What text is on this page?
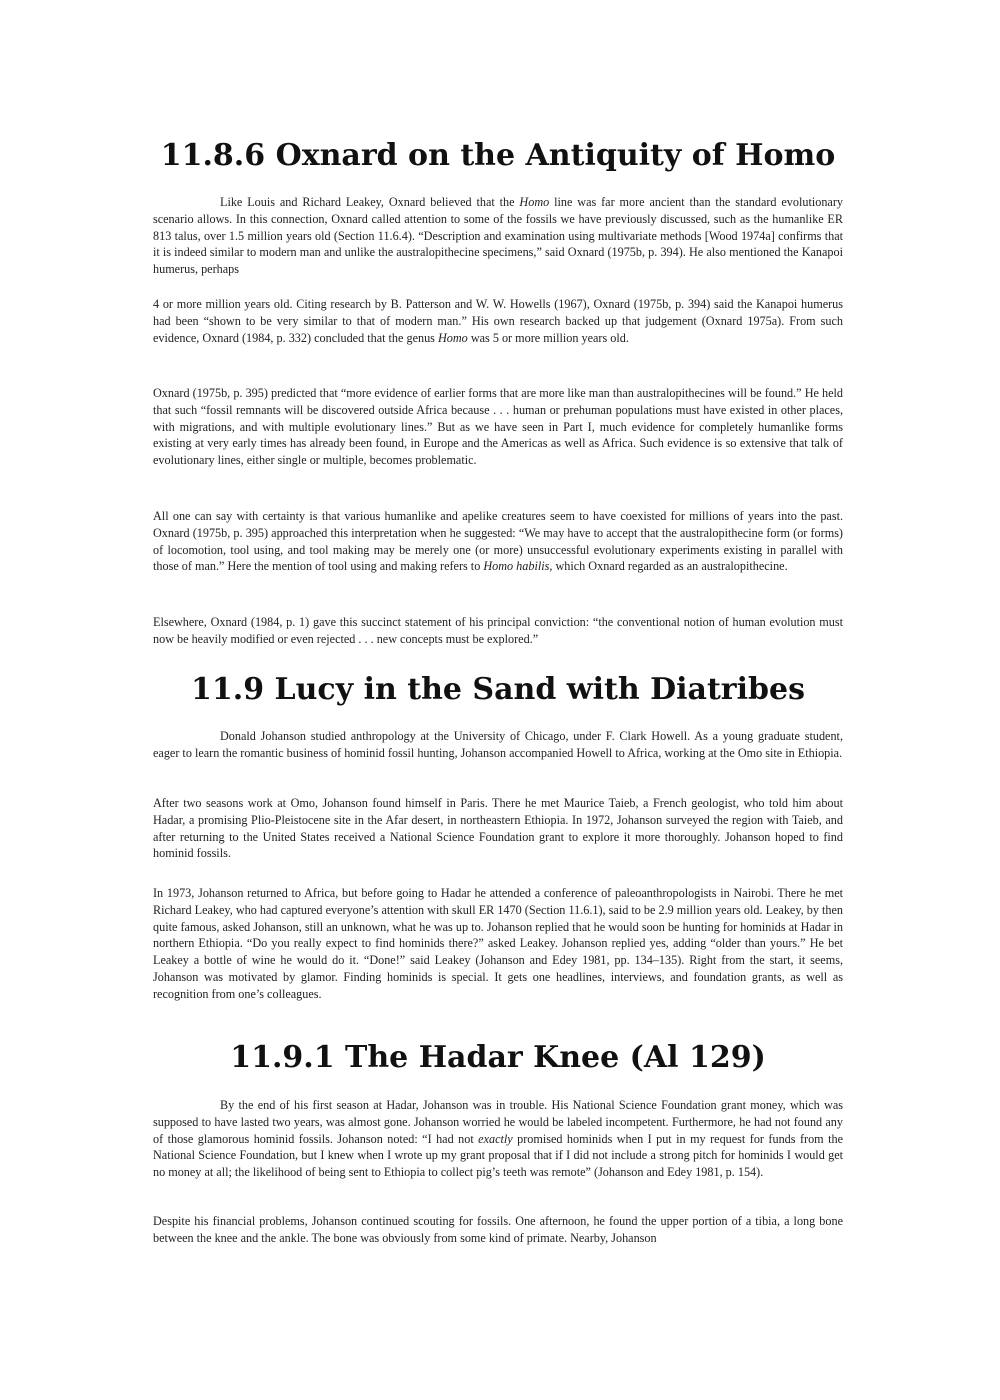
11.8.6 Oxnard on the Antiquity of Homo

Like Louis and Richard Leakey, Oxnard believed that the Homo line was far more ancient than the standard evolutionary scenario allows. In this connection, Oxnard called attention to some of the fossils we have previously discussed, such as the humanlike ER 813 talus, over 1.5 million years old (Section 11.6.4). “Description and examination using multivariate methods [Wood 1974a] confirms that it is indeed similar to modern man and unlike the australopithecine specimens,” said Oxnard (1975b, p. 394). He also mentioned the Kanapoi humerus, perhaps

4 or more million years old. Citing research by B. Patterson and W. W. Howells (1967), Oxnard (1975b, p. 394) said the Kanapoi humerus had been “shown to be very similar to that of modern man.” His own research backed up that judgement (Oxnard 1975a). From such evidence, Oxnard (1984, p. 332) concluded that the genus Homo was 5 or more million years old.

Oxnard (1975b, p. 395) predicted that “more evidence of earlier forms that are more like man than australopithecines will be found.” He held that such “fossil remnants will be discovered outside Africa because . . . human or prehuman populations must have existed in other places, with migrations, and with multiple evolutionary lines.” But as we have seen in Part I, much evidence for completely humanlike forms existing at very early times has already been found, in Europe and the Americas as well as Africa. Such evidence is so extensive that talk of evolutionary lines, either single or multiple, becomes problematic.

All one can say with certainty is that various humanlike and apelike creatures seem to have coexisted for millions of years into the past. Oxnard (1975b, p. 395) approached this interpretation when he suggested: “We may have to accept that the australopithecine form (or forms) of locomotion, tool using, and tool making may be merely one (or more) unsuccessful evolutionary experiments existing in parallel with those of man.” Here the mention of tool using and making refers to Homo habilis, which Oxnard regarded as an australopithecine.

Elsewhere, Oxnard (1984, p. 1) gave this succinct statement of his principal conviction: “the conventional notion of human evolution must now be heavily modified or even rejected . . . new concepts must be explored.”

11.9 Lucy in the Sand with Diatribes

Donald Johanson studied anthropology at the University of Chicago, under F. Clark Howell. As a young graduate student, eager to learn the romantic business of hominid fossil hunting, Johanson accompanied Howell to Africa, working at the Omo site in Ethiopia.

After two seasons work at Omo, Johanson found himself in Paris. There he met Maurice Taieb, a French geologist, who told him about Hadar, a promising Plio-Pleistocene site in the Afar desert, in northeastern Ethiopia. In 1972, Johanson surveyed the region with Taieb, and after returning to the United States received a National Science Foundation grant to explore it more thoroughly. Johanson hoped to find hominid fossils.

In 1973, Johanson returned to Africa, but before going to Hadar he attended a conference of paleoanthropologists in Nairobi. There he met Richard Leakey, who had captured everyone’s attention with skull ER 1470 (Section 11.6.1), said to be 2.9 million years old. Leakey, by then quite famous, asked Johanson, still an unknown, what he was up to. Johanson replied that he would soon be hunting for hominids at Hadar in northern Ethiopia. “Do you really expect to find hominids there?” asked Leakey. Johanson replied yes, adding “older than yours.” He bet Leakey a bottle of wine he would do it. “Done!” said Leakey (Johanson and Edey 1981, pp. 134–135). Right from the start, it seems, Johanson was motivated by glamor. Finding hominids is special. It gets one headlines, interviews, and foundation grants, as well as recognition from one’s colleagues.

11.9.1 The Hadar Knee (Al 129)

By the end of his first season at Hadar, Johanson was in trouble. His National Science Foundation grant money, which was supposed to have lasted two years, was almost gone. Johanson worried he would be labeled incompetent. Furthermore, he had not found any of those glamorous hominid fossils. Johanson noted: “I had not exactly promised hominids when I put in my request for funds from the National Science Foundation, but I knew when I wrote up my grant proposal that if I did not include a strong pitch for hominids I would get no money at all; the likelihood of being sent to Ethiopia to collect pig’s teeth was remote” (Johanson and Edey 1981, p. 154).

Despite his financial problems, Johanson continued scouting for fossils. One afternoon, he found the upper portion of a tibia, a long bone between the knee and the ankle. The bone was obviously from some kind of primate. Nearby, Johanson
